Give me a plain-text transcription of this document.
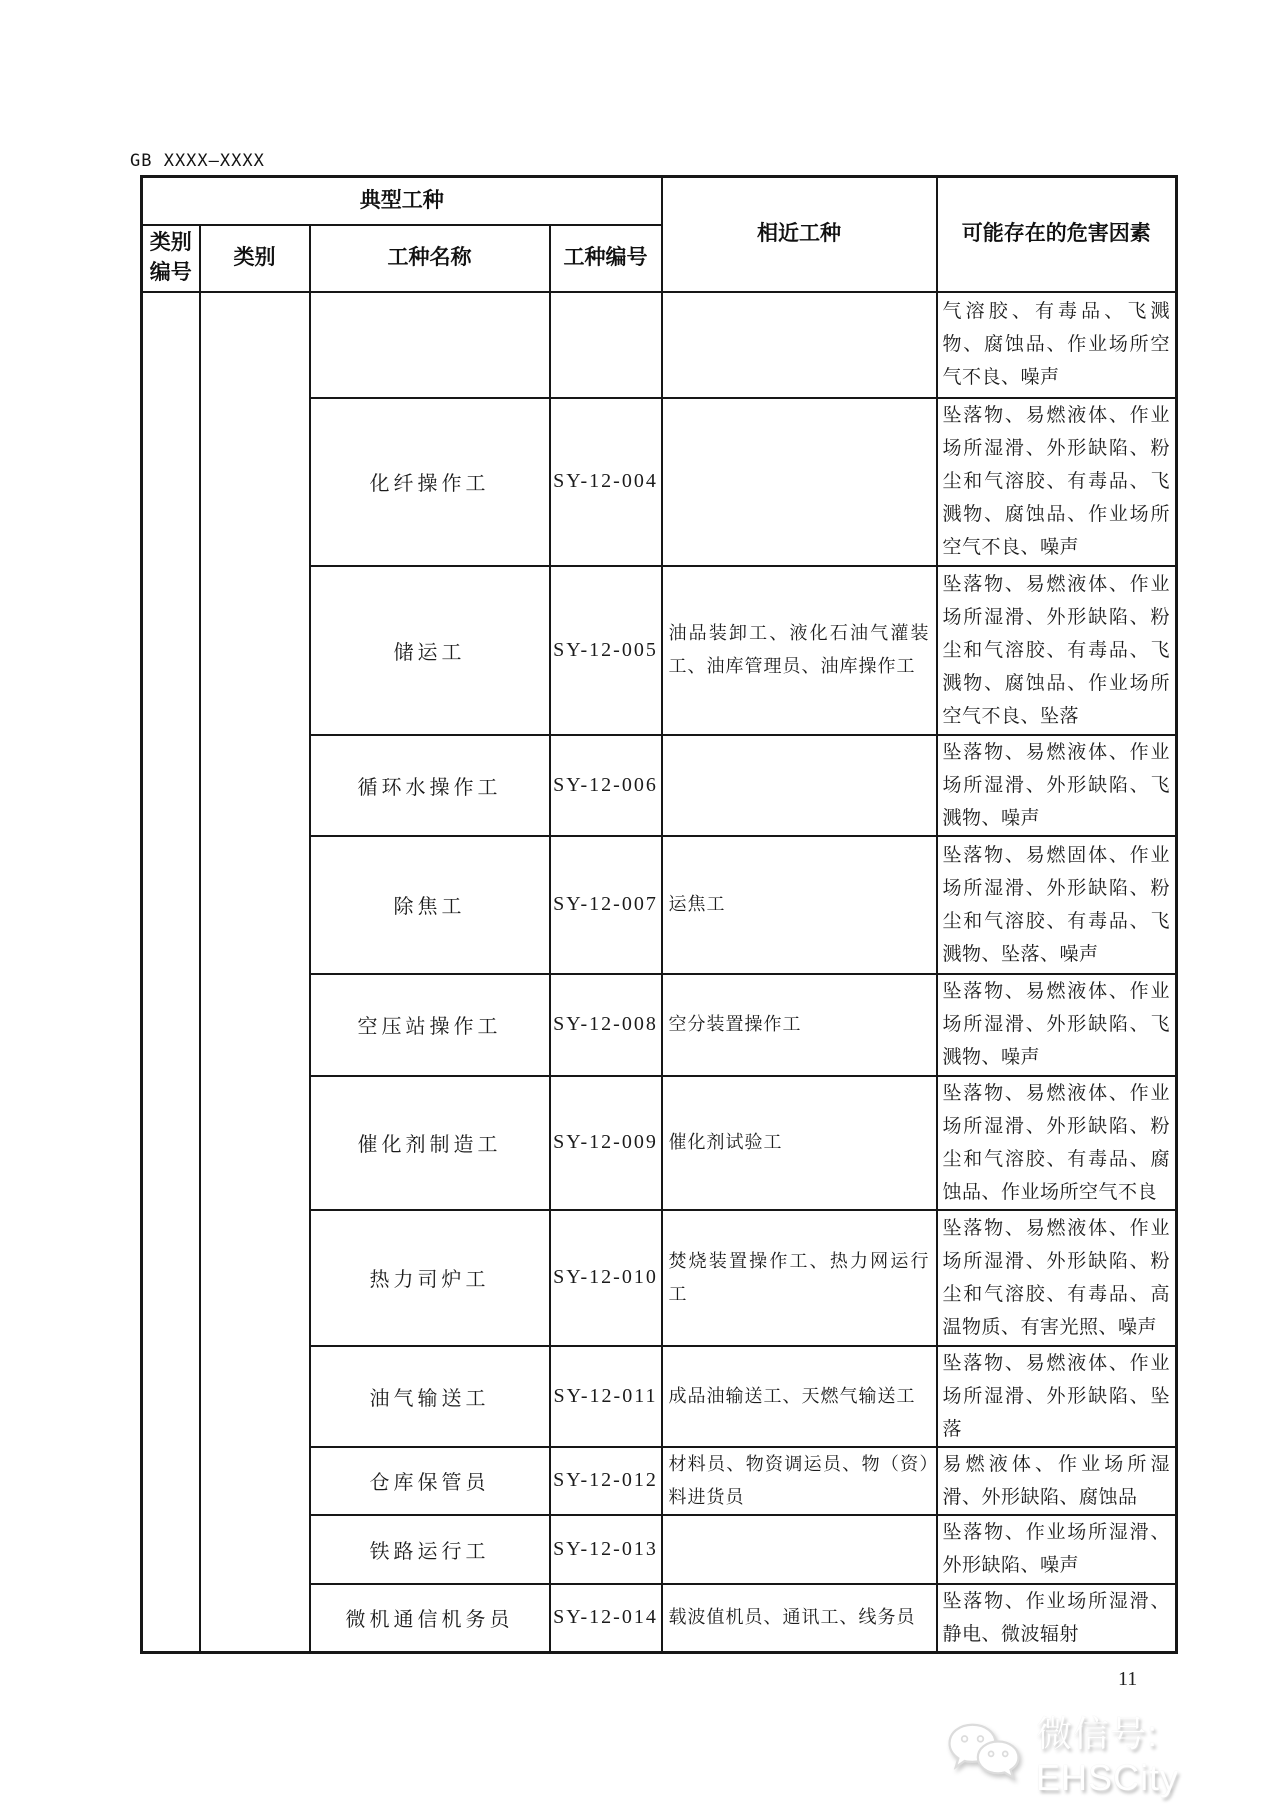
GB XXXX—XXXX
典型工种				相近工种	可能存在的危害因素
类别编号	类别	工种名称	工种编号		
					气溶胶、有毒品、飞溅物、腐蚀品、作业场所空气不良、噪声
		化纤操作工	SY-12-004		坠落物、易燃液体、作业场所湿滑、外形缺陷、粉尘和气溶胶、有毒品、飞溅物、腐蚀品、作业场所空气不良、噪声
		储运工	SY-12-005	油品装卸工、液化石油气灌装工、油库管理员、油库操作工	坠落物、易燃液体、作业场所湿滑、外形缺陷、粉尘和气溶胶、有毒品、飞溅物、腐蚀品、作业场所空气不良、坠落
		循环水操作工	SY-12-006		坠落物、易燃液体、作业场所湿滑、外形缺陷、飞溅物、噪声
		除焦工	SY-12-007	运焦工	坠落物、易燃固体、作业场所湿滑、外形缺陷、粉尘和气溶胶、有毒品、飞溅物、坠落、噪声
		空压站操作工	SY-12-008	空分装置操作工	坠落物、易燃液体、作业场所湿滑、外形缺陷、飞溅物、噪声
		催化剂制造工	SY-12-009	催化剂试验工	坠落物、易燃液体、作业场所湿滑、外形缺陷、粉尘和气溶胶、有毒品、腐蚀品、作业场所空气不良
		热力司炉工	SY-12-010	焚烧装置操作工、热力网运行工	坠落物、易燃液体、作业场所湿滑、外形缺陷、粉尘和气溶胶、有毒品、高温物质、有害光照、噪声
		油气输送工	SY-12-011	成品油输送工、天燃气输送工	坠落物、易燃液体、作业场所湿滑、外形缺陷、坠落
		仓库保管员	SY-12-012	材料员、物资调运员、物（资）料进货员	易燃液体、作业场所湿滑、外形缺陷、腐蚀品
		铁路运行工	SY-12-013		坠落物、作业场所湿滑、外形缺陷、噪声
		微机通信机务员	SY-12-014	载波值机员、通讯工、线务员	坠落物、作业场所湿滑、静电、微波辐射
11
微信号: EHSCity
